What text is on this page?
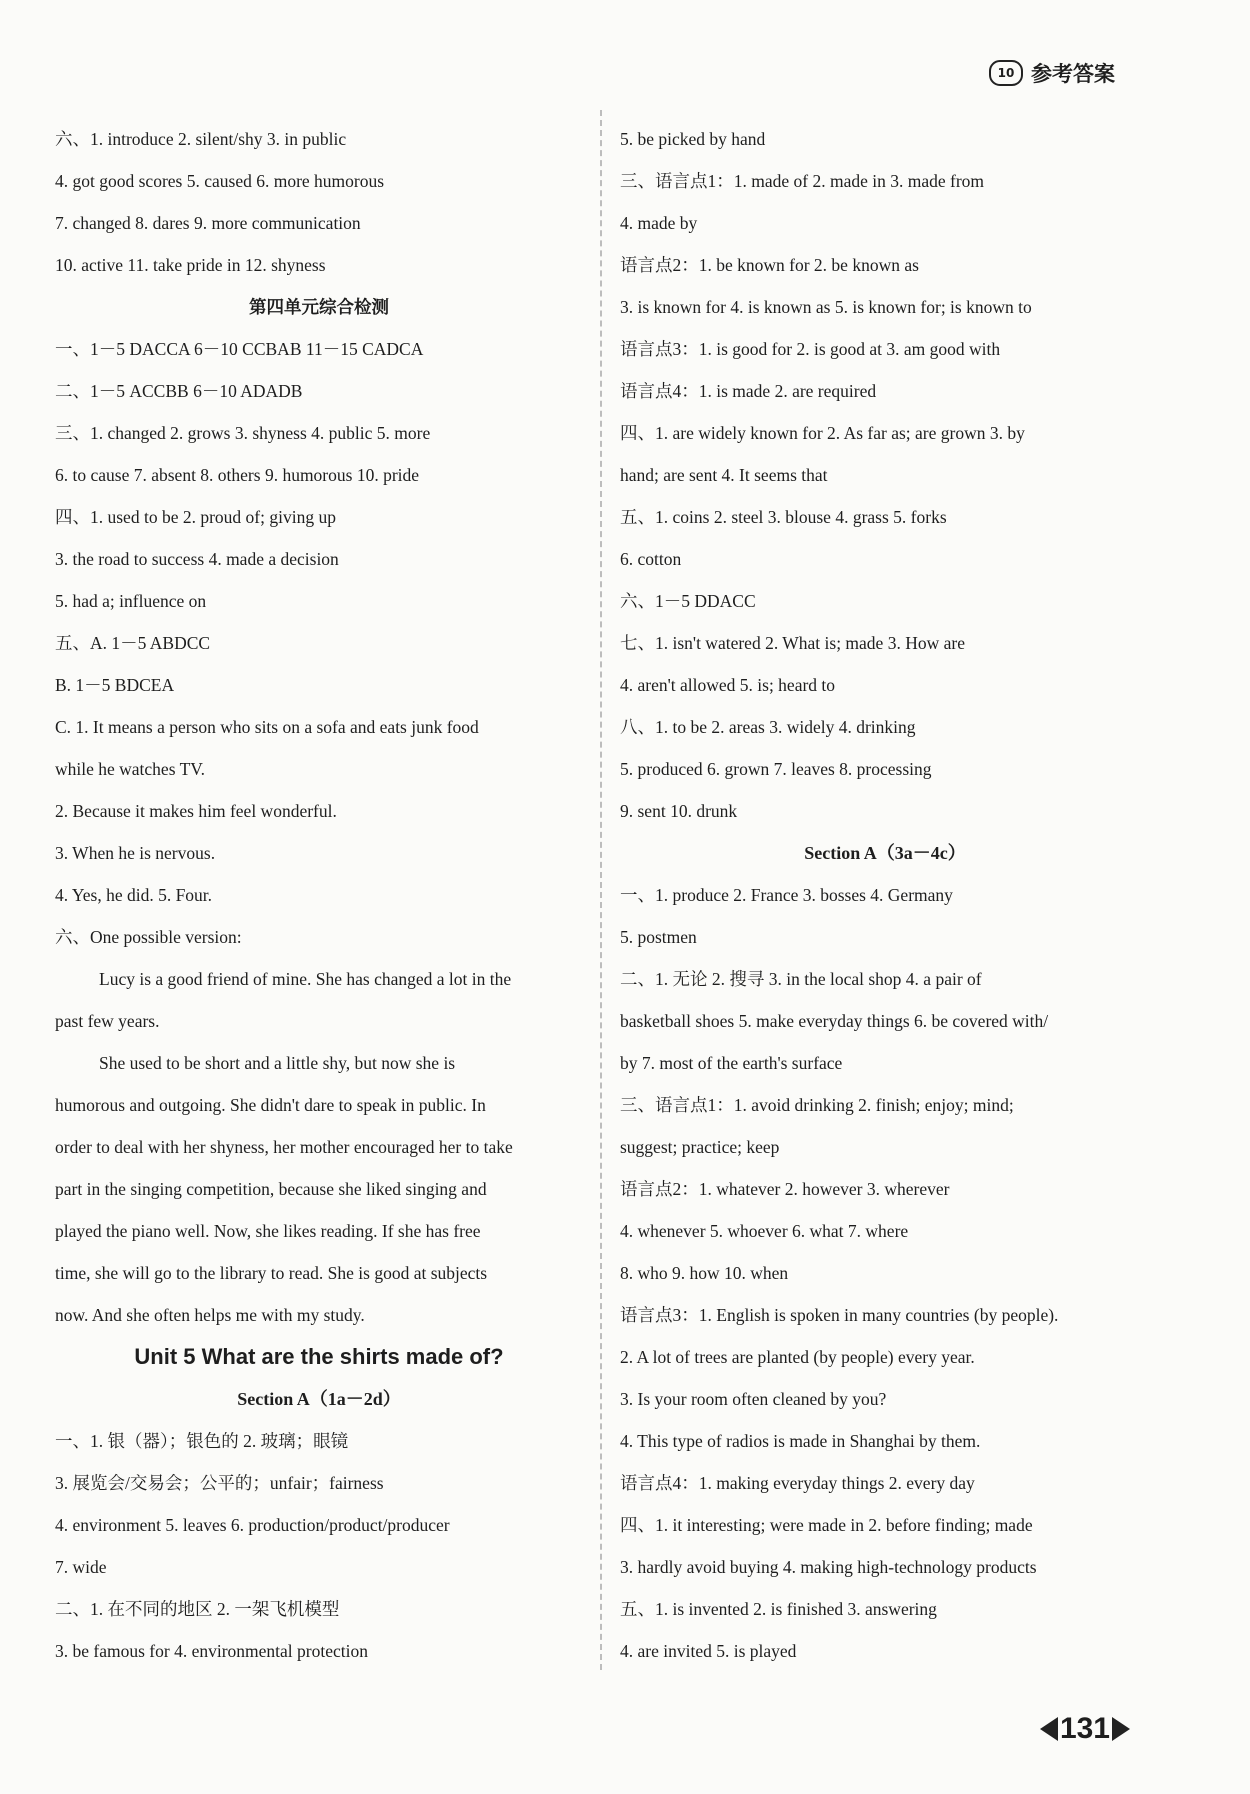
10 参考答案
六、1. introduce 2. silent/shy 3. in public
4. got good scores 5. caused 6. more humorous
7. changed 8. dares 9. more communication
10. active 11. take pride in 12. shyness
第四单元综合检测
一、1－5 DACCA 6－10 CCBAB 11－15 CADCA
二、1－5 ACCBB 6－10 ADADB
三、1. changed 2. grows 3. shyness 4. public 5. more
6. to cause 7. absent 8. others 9. humorous 10. pride
四、1. used to be 2. proud of; giving up
3. the road to success 4. made a decision
5. had a; influence on
五、A. 1－5 ABDCC
B. 1－5 BDCEA
C. 1. It means a person who sits on a sofa and eats junk food
while he watches TV.
2. Because it makes him feel wonderful.
3. When he is nervous.
4. Yes, he did. 5. Four.
六、One possible version:
Lucy is a good friend of mine. She has changed a lot in the
past few years.
She used to be short and a little shy, but now she is
humorous and outgoing. She didn't dare to speak in public. In
order to deal with her shyness, her mother encouraged her to take
part in the singing competition, because she liked singing and
played the piano well. Now, she likes reading. If she has free
time, she will go to the library to read. She is good at subjects
now. And she often helps me with my study.
Unit 5 What are the shirts made of?
Section A（1a－2d）
一、1. 银（器）；银色的 2. 玻璃；眼镜
3. 展览会/交易会；公平的；unfair；fairness
4. environment 5. leaves 6. production/product/producer
7. wide
二、1. 在不同的地区 2. 一架飞机模型
3. be famous for 4. environmental protection
5. be picked by hand
三、语言点1：1. made of 2. made in 3. made from
4. made by
语言点2：1. be known for 2. be known as
3. is known for 4. is known as 5. is known for; is known to
语言点3：1. is good for 2. is good at 3. am good with
语言点4：1. is made 2. are required
四、1. are widely known for 2. As far as; are grown 3. by
hand; are sent 4. It seems that
五、1. coins 2. steel 3. blouse 4. grass 5. forks
6. cotton
六、1－5 DDACC
七、1. isn't watered 2. What is; made 3. How are
4. aren't allowed 5. is; heard to
八、1. to be 2. areas 3. widely 4. drinking
5. produced 6. grown 7. leaves 8. processing
9. sent 10. drunk
Section A（3a－4c）
一、1. produce 2. France 3. bosses 4. Germany
5. postmen
二、1. 无论 2. 搜寻 3. in the local shop 4. a pair of
basketball shoes 5. make everyday things 6. be covered with/
by 7. most of the earth's surface
三、语言点1：1. avoid drinking 2. finish; enjoy; mind;
suggest; practice; keep
语言点2：1. whatever 2. however 3. wherever
4. whenever 5. whoever 6. what 7. where
8. who 9. how 10. when
语言点3：1. English is spoken in many countries (by people).
2. A lot of trees are planted (by people) every year.
3. Is your room often cleaned by you?
4. This type of radios is made in Shanghai by them.
语言点4：1. making everyday things 2. every day
四、1. it interesting; were made in 2. before finding; made
3. hardly avoid buying 4. making high-technology products
五、1. is invented 2. is finished 3. answering
4. are invited 5. is played
131
